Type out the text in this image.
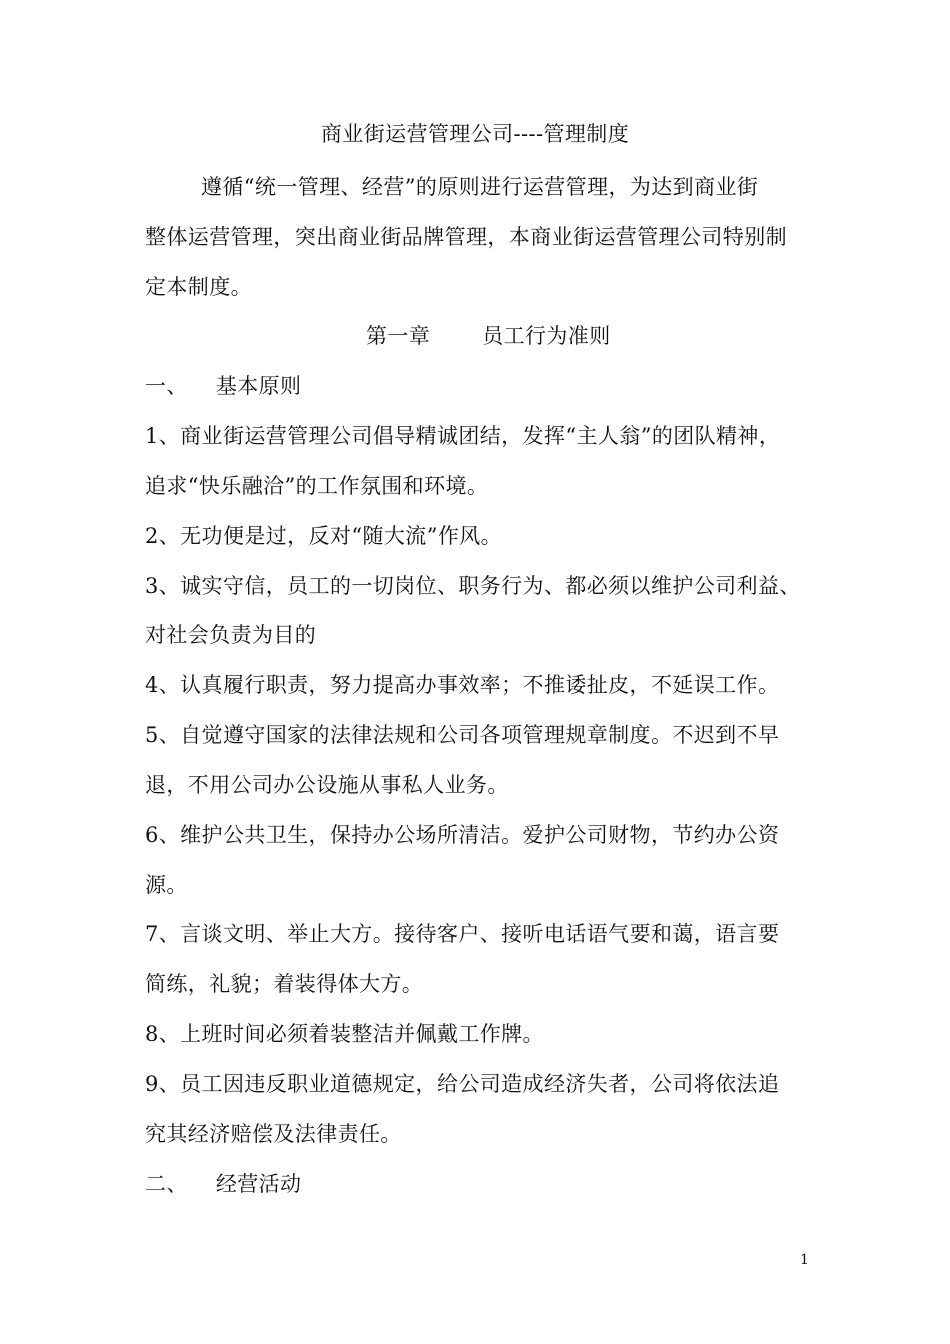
商业街运营管理公司----管理制度
遵循“统一管理、经营”的原则进行运营管理，为达到商业街
整体运营管理，突出商业街品牌管理，本商业街运营管理公司特别制
定本制度。
第一章 员工行为准则
一、 基本原则
1、商业街运营管理公司倡导精诚团结，发挥“主人翁”的团队精神，
追求“快乐融洽”的工作氛围和环境。
2、无功便是过，反对“随大流”作风。
3、诚实守信，员工的一切岗位、职务行为、都必须以维护公司利益、
对社会负责为目的
4、认真履行职责，努力提高办事效率；不推诿扯皮，不延误工作。
5、自觉遵守国家的法律法规和公司各项管理规章制度。不迟到不早
退，不用公司办公设施从事私人业务。
6、维护公共卫生，保持办公场所清洁。爱护公司财物，节约办公资
源。
7、言谈文明、举止大方。接待客户、接听电话语气要和蔼，语言要
简练，礼貌；着装得体大方。
8、上班时间必须着装整洁并佩戴工作牌。
9、员工因违反职业道德规定，给公司造成经济失者，公司将依法追
究其经济赔偿及法律责任。
二、 经营活动
1
